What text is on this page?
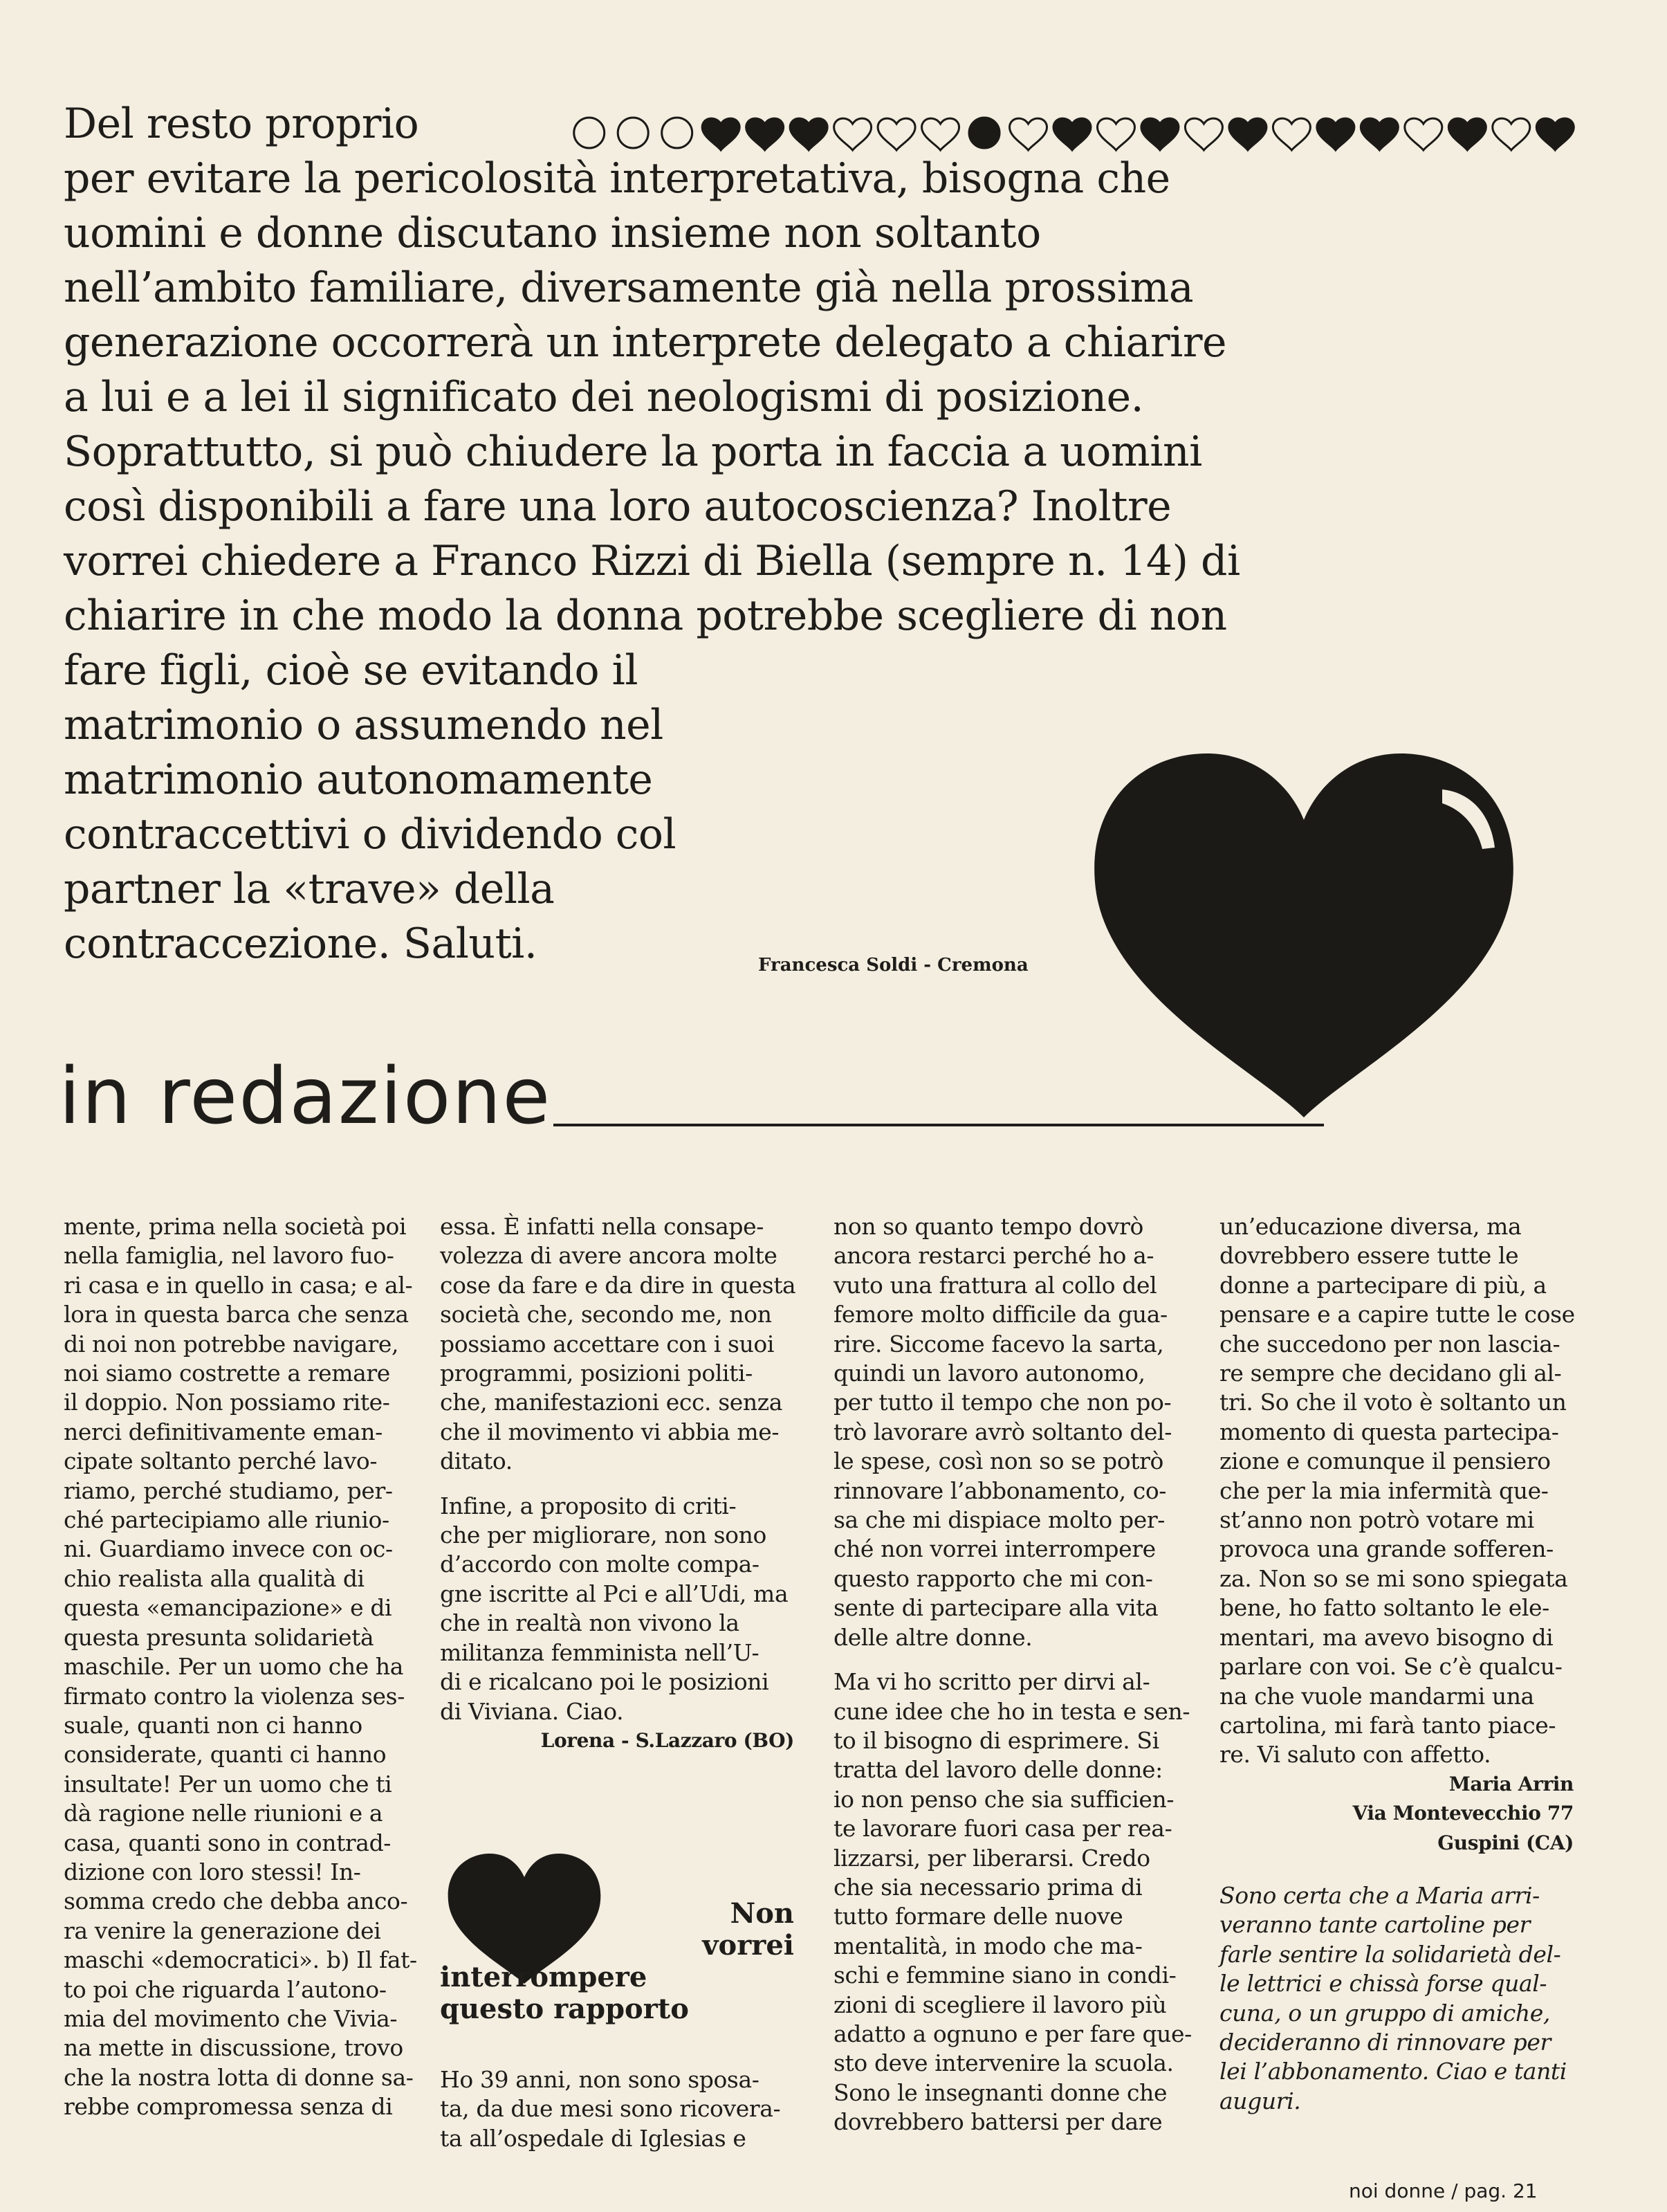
Del resto proprio
per evitare la pericolosità interpretativa, bisogna che
uomini e donne discutano insieme non soltanto
nell’ambito familiare, diversamente già nella prossima
generazione occorrerà un interprete delegato a chiarire
a lui e a lei il significato dei neologismi di posizione.
Soprattutto, si può chiudere la porta in faccia a uomini
così disponibili a fare una loro autocoscienza? Inoltre
vorrei chiedere a Franco Rizzi di Biella (sempre n. 14) di
chiarire in che modo la donna potrebbe scegliere di non
fare figli, cioè se evitando il
matrimonio o assumendo nel
matrimonio autonomamente
contraccettivi o dividendo col
partner la «trave» della
contraccezione. Saluti.	Francesca Soldi - Cremona
in redazione
mente, prima nella società poi
nella famiglia, nel lavoro fuo-
ri casa e in quello in casa; e al-
lora in questa barca che senza
di noi non potrebbe navigare,
noi siamo costrette a remare
il doppio. Non possiamo rite-
nerci definitivamente eman-
cipate soltanto perché lavo-
riamo, perché studiamo, per-
ché partecipiamo alle riunio-
ni. Guardiamo invece con oc-
chio realista alla qualità di
questa «emancipazione» e di
questa presunta solidarietà
maschile. Per un uomo che ha
firmato contro la violenza ses-
suale, quanti non ci hanno
considerate, quanti ci hanno
insultate! Per un uomo che ti
dà ragione nelle riunioni e a
casa, quanti sono in contrad-
dizione con loro stessi! In-
somma credo che debba anco-
ra venire la generazione dei
maschi «democratici». b) Il fat-
to poi che riguarda l’autono-
mia del movimento che Vivia-
na mette in discussione, trovo
che la nostra lotta di donne sa-
rebbe compromessa senza di
essa. È infatti nella consape-
volezza di avere ancora molte
cose da fare e da dire in questa
società che, secondo me, non
possiamo accettare con i suoi
programmi, posizioni politi-
che, manifestazioni ecc. senza
che il movimento vi abbia me-
ditato.
Infine, a proposito di criti-
che per migliorare, non sono
d’accordo con molte compa-
gne iscritte al Pci e all’Udi, ma
che in realtà non vivono la
militanza femminista nell’U-
di e ricalcano poi le posizioni
di Viviana. Ciao.
Lorena - S.Lazzaro (BO)
Non
vorrei
interrompere
questo rapporto
Ho 39 anni, non sono sposa-
ta, da due mesi sono ricovera-
ta all’ospedale di Iglesias e
non so quanto tempo dovrò
ancora restarci perché ho a-
vuto una frattura al collo del
femore molto difficile da gua-
rire. Siccome facevo la sarta,
quindi un lavoro autonomo,
per tutto il tempo che non po-
trò lavorare avrò soltanto del-
le spese, così non so se potrò
rinnovare l’abbonamento, co-
sa che mi dispiace molto per-
ché non vorrei interrompere
questo rapporto che mi con-
sente di partecipare alla vita
delle altre donne.
Ma vi ho scritto per dirvi al-
cune idee che ho in testa e sen-
to il bisogno di esprimere. Si
tratta del lavoro delle donne:
io non penso che sia sufficien-
te lavorare fuori casa per rea-
lizzarsi, per liberarsi. Credo
che sia necessario prima di
tutto formare delle nuove
mentalità, in modo che ma-
schi e femmine siano in condi-
zioni di scegliere il lavoro più
adatto a ognuno e per fare que-
sto deve intervenire la scuola.
Sono le insegnanti donne che
dovrebbero battersi per dare
un’educazione diversa, ma
dovrebbero essere tutte le
donne a partecipare di più, a
pensare e a capire tutte le cose
che succedono per non lascia-
re sempre che decidano gli al-
tri. So che il voto è soltanto un
momento di questa partecipa-
zione e comunque il pensiero
che per la mia infermità que-
st’anno non potrò votare mi
provoca una grande sofferen-
za. Non so se mi sono spiegata
bene, ho fatto soltanto le ele-
mentari, ma avevo bisogno di
parlare con voi. Se c’è qualcu-
na che vuole mandarmi una
cartolina, mi farà tanto piace-
re. Vi saluto con affetto.
Maria Arrin
Via Montevecchio 77
Guspini (CA)
Sono certa che a Maria arri-
veranno tante cartoline per
farle sentire la solidarietà del-
le lettrici e chissà forse qual-
cuna, o un gruppo di amiche,
decideranno di rinnovare per
lei l’abbonamento. Ciao e tanti
auguri.
noi donne / pag. 21
